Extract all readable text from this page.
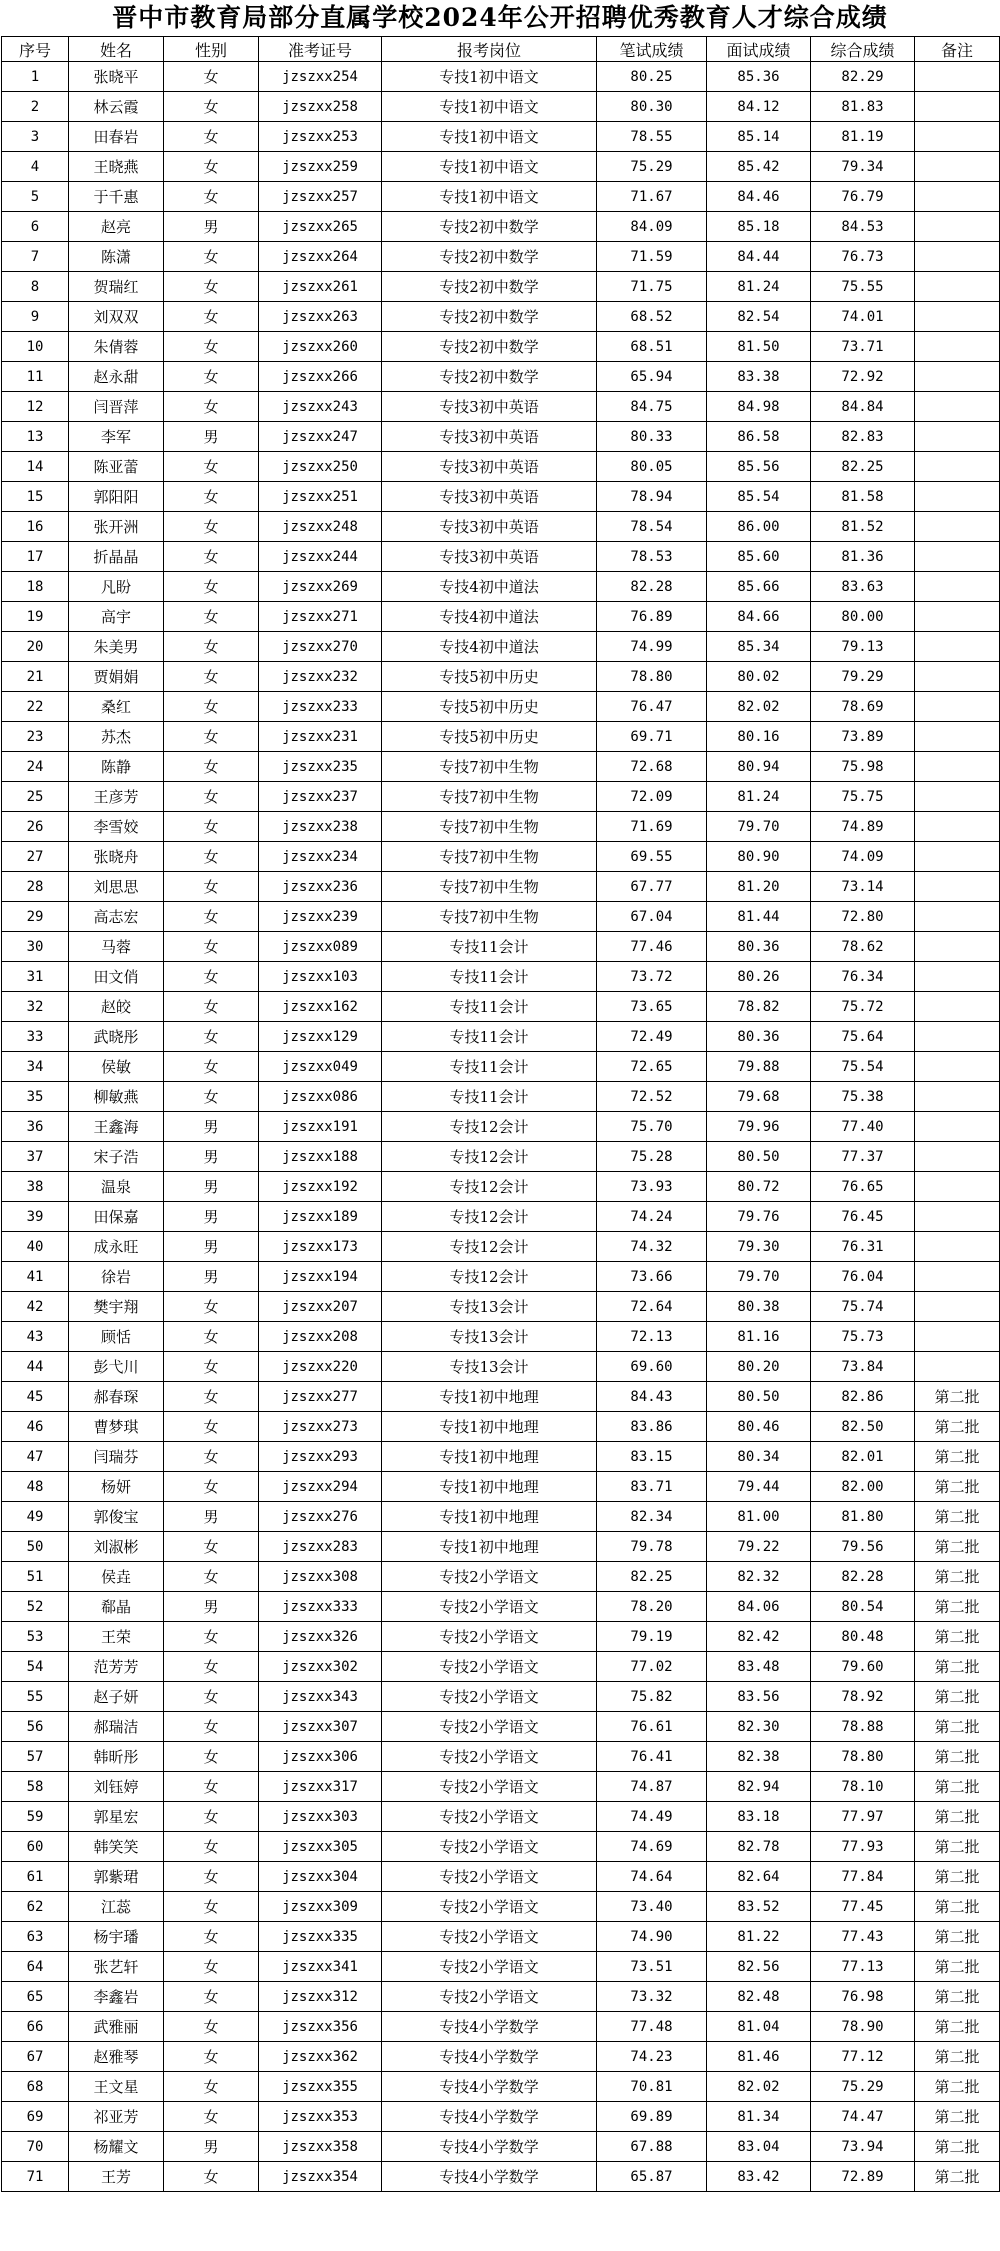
晋中市教育局部分直属学校2024年公开招聘优秀教育人才综合成绩
序号	姓名	性别	准考证号	报考岗位	笔试成绩	面试成绩	综合成绩	备注
1	张晓平	女	jzszxx254	专技1初中语文	80.25	85.36	82.29	
2	林云霞	女	jzszxx258	专技1初中语文	80.30	84.12	81.83	
3	田春岩	女	jzszxx253	专技1初中语文	78.55	85.14	81.19	
4	王晓燕	女	jzszxx259	专技1初中语文	75.29	85.42	79.34	
5	于千惠	女	jzszxx257	专技1初中语文	71.67	84.46	76.79	
6	赵亮	男	jzszxx265	专技2初中数学	84.09	85.18	84.53	
7	陈潇	女	jzszxx264	专技2初中数学	71.59	84.44	76.73	
8	贺瑞红	女	jzszxx261	专技2初中数学	71.75	81.24	75.55	
9	刘双双	女	jzszxx263	专技2初中数学	68.52	82.54	74.01	
10	朱倩蓉	女	jzszxx260	专技2初中数学	68.51	81.50	73.71	
11	赵永甜	女	jzszxx266	专技2初中数学	65.94	83.38	72.92	
12	闫晋萍	女	jzszxx243	专技3初中英语	84.75	84.98	84.84	
13	李军	男	jzszxx247	专技3初中英语	80.33	86.58	82.83	
14	陈亚蕾	女	jzszxx250	专技3初中英语	80.05	85.56	82.25	
15	郭阳阳	女	jzszxx251	专技3初中英语	78.94	85.54	81.58	
16	张开洲	女	jzszxx248	专技3初中英语	78.54	86.00	81.52	
17	折晶晶	女	jzszxx244	专技3初中英语	78.53	85.60	81.36	
18	凡盼	女	jzszxx269	专技4初中道法	82.28	85.66	83.63	
19	高宇	女	jzszxx271	专技4初中道法	76.89	84.66	80.00	
20	朱美男	女	jzszxx270	专技4初中道法	74.99	85.34	79.13	
21	贾娟娟	女	jzszxx232	专技5初中历史	78.80	80.02	79.29	
22	桑红	女	jzszxx233	专技5初中历史	76.47	82.02	78.69	
23	苏杰	女	jzszxx231	专技5初中历史	69.71	80.16	73.89	
24	陈静	女	jzszxx235	专技7初中生物	72.68	80.94	75.98	
25	王彦芳	女	jzszxx237	专技7初中生物	72.09	81.24	75.75	
26	李雪姣	女	jzszxx238	专技7初中生物	71.69	79.70	74.89	
27	张晓舟	女	jzszxx234	专技7初中生物	69.55	80.90	74.09	
28	刘思思	女	jzszxx236	专技7初中生物	67.77	81.20	73.14	
29	高志宏	女	jzszxx239	专技7初中生物	67.04	81.44	72.80	
30	马蓉	女	jzszxx089	专技11会计	77.46	80.36	78.62	
31	田文俏	女	jzszxx103	专技11会计	73.72	80.26	76.34	
32	赵皎	女	jzszxx162	专技11会计	73.65	78.82	75.72	
33	武晓彤	女	jzszxx129	专技11会计	72.49	80.36	75.64	
34	侯敏	女	jzszxx049	专技11会计	72.65	79.88	75.54	
35	柳敏燕	女	jzszxx086	专技11会计	72.52	79.68	75.38	
36	王鑫海	男	jzszxx191	专技12会计	75.70	79.96	77.40	
37	宋子浩	男	jzszxx188	专技12会计	75.28	80.50	77.37	
38	温泉	男	jzszxx192	专技12会计	73.93	80.72	76.65	
39	田保嘉	男	jzszxx189	专技12会计	74.24	79.76	76.45	
40	成永旺	男	jzszxx173	专技12会计	74.32	79.30	76.31	
41	徐岩	男	jzszxx194	专技12会计	73.66	79.70	76.04	
42	樊宇翔	女	jzszxx207	专技13会计	72.64	80.38	75.74	
43	顾恬	女	jzszxx208	专技13会计	72.13	81.16	75.73	
44	彭弋川	女	jzszxx220	专技13会计	69.60	80.20	73.84	
45	郝春琛	女	jzszxx277	专技1初中地理	84.43	80.50	82.86	第二批
46	曹梦琪	女	jzszxx273	专技1初中地理	83.86	80.46	82.50	第二批
47	闫瑞芬	女	jzszxx293	专技1初中地理	83.15	80.34	82.01	第二批
48	杨妍	女	jzszxx294	专技1初中地理	83.71	79.44	82.00	第二批
49	郭俊宝	男	jzszxx276	专技1初中地理	82.34	81.00	81.80	第二批
50	刘淑彬	女	jzszxx283	专技1初中地理	79.78	79.22	79.56	第二批
51	侯垚	女	jzszxx308	专技2小学语文	82.25	82.32	82.28	第二批
52	郗晶	男	jzszxx333	专技2小学语文	78.20	84.06	80.54	第二批
53	王荣	女	jzszxx326	专技2小学语文	79.19	82.42	80.48	第二批
54	范芳芳	女	jzszxx302	专技2小学语文	77.02	83.48	79.60	第二批
55	赵子妍	女	jzszxx343	专技2小学语文	75.82	83.56	78.92	第二批
56	郝瑞洁	女	jzszxx307	专技2小学语文	76.61	82.30	78.88	第二批
57	韩昕彤	女	jzszxx306	专技2小学语文	76.41	82.38	78.80	第二批
58	刘钰婷	女	jzszxx317	专技2小学语文	74.87	82.94	78.10	第二批
59	郭星宏	女	jzszxx303	专技2小学语文	74.49	83.18	77.97	第二批
60	韩笑笑	女	jzszxx305	专技2小学语文	74.69	82.78	77.93	第二批
61	郭紫珺	女	jzszxx304	专技2小学语文	74.64	82.64	77.84	第二批
62	江蕊	女	jzszxx309	专技2小学语文	73.40	83.52	77.45	第二批
63	杨宇璠	女	jzszxx335	专技2小学语文	74.90	81.22	77.43	第二批
64	张艺轩	女	jzszxx341	专技2小学语文	73.51	82.56	77.13	第二批
65	李鑫岩	女	jzszxx312	专技2小学语文	73.32	82.48	76.98	第二批
66	武雅丽	女	jzszxx356	专技4小学数学	77.48	81.04	78.90	第二批
67	赵雅琴	女	jzszxx362	专技4小学数学	74.23	81.46	77.12	第二批
68	王文星	女	jzszxx355	专技4小学数学	70.81	82.02	75.29	第二批
69	祁亚芳	女	jzszxx353	专技4小学数学	69.89	81.34	74.47	第二批
70	杨耀文	男	jzszxx358	专技4小学数学	67.88	83.04	73.94	第二批
71	王芳	女	jzszxx354	专技4小学数学	65.87	83.42	72.89	第二批
